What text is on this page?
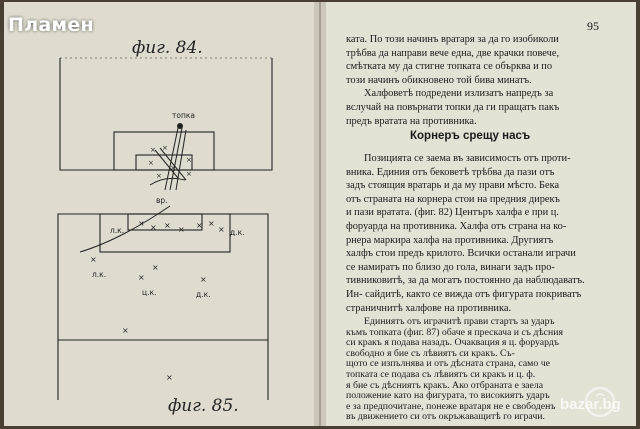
× ×
×
×
×
×	×
× × × × × ×
×
×
×	×
×
×
×
Пламен
фиг. 84.
фиг. 85.
топка
вр.
л.к.	д.к.
л.к.
ц.к.	д.к.
95
ката. По този начинъ вратаря за да го изобиколи
трѣбва да направи вече една, две крачки повече,
смѣтката му да стигне топката се обърква и по
този начинъ обикновено той бива минатъ.
Халфоветѣ подредени излизатъ напредъ за
вслучай на повърнати топки да ги пращатъ пакъ
предъ вратата на противника.
Корнеръ срещу насъ
Позицията се заема въ зависимость отъ проти-
вника. Единия отъ бековетѣ трѣбва да пази отъ
задъ стоящия вратарь и да му прави мѣсто. Бека
отъ страната на корнера стои на предния дирекъ
и пази вратата. (фиг. 82) Центъръ халфа е при ц.
форуарда на противника. Халфа отъ страна на ко-
рнера маркира халфа на противника. Другиятъ
халфъ стои предъ крилото. Всички останали играчи
се намиратъ по близо до гола, винаги задъ про-
тивниковитѣ, за да могатъ постоянно да наблюдаватъ.
Ин- сайдитѣ, както се вижда отъ фигурата покриватъ
страничнитѣ халфове на противника.
Единиятъ отъ играчитѣ прави стартъ за ударъ
къмъ топката (фиг. 87) обаче я прескача и съ дѣсния
си кракъ я подава назадъ. Очаквация я ц. форуардъ
свободно я бие съ лѣвиятъ си кракъ. Съ-
щото се изпълнява и отъ дѣсната страна, само че
топката се подава съ лѣвиятъ си кракъ и ц. ф.
я бие съ дѣсниятъ кракъ. Ако отбраната е заела
положение като на фигурата, то високиятъ ударъ
е за предпочитане, понеже вратаря не е свободенъ
въ движението си отъ окръжаващитѣ го играчи.
bazar.bg
